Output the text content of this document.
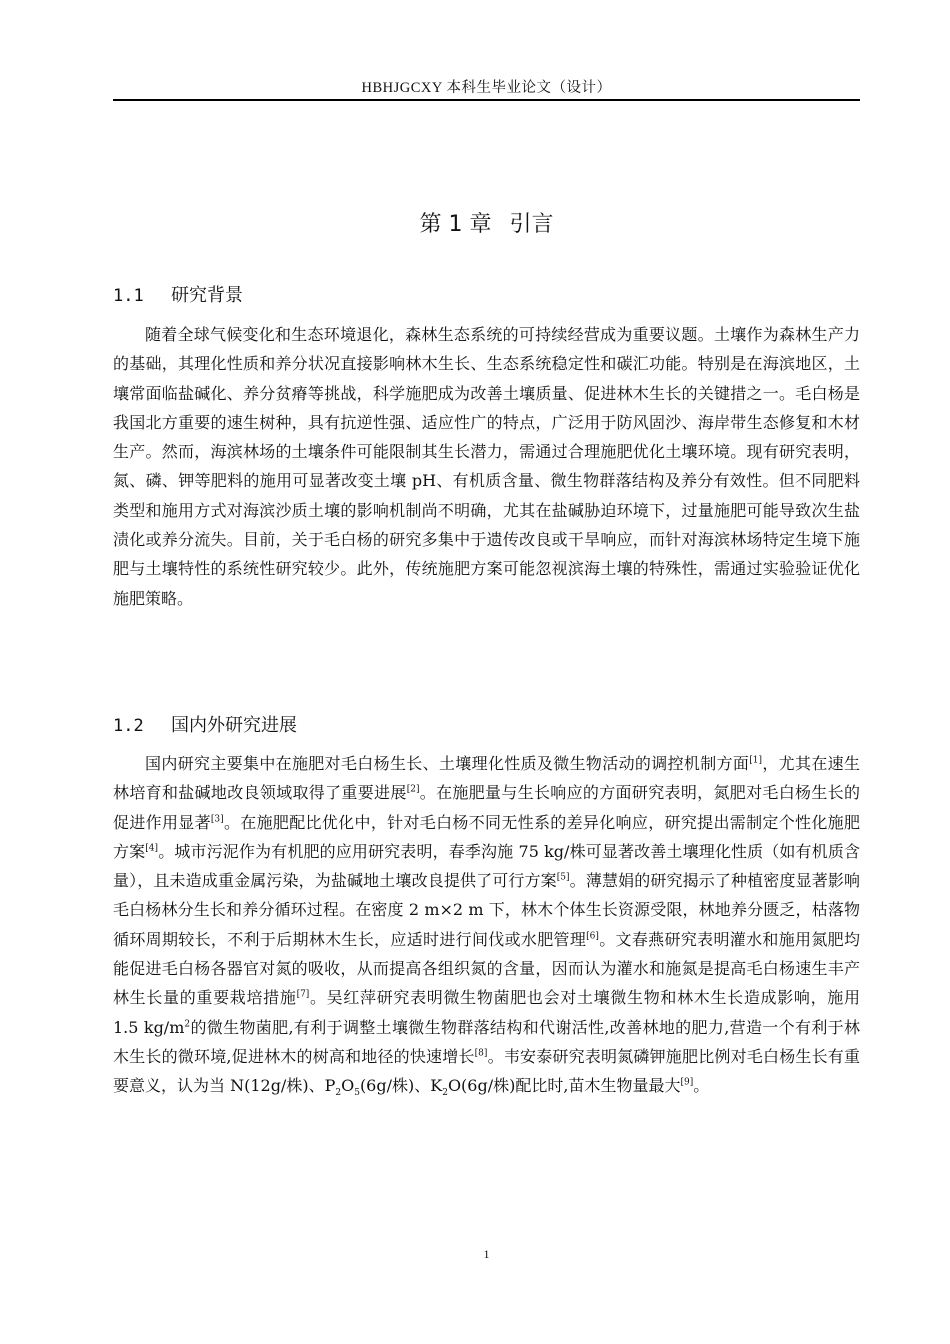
HBHJGCXY 本科生毕业论文（设计）
第 1 章 引言
1.1 研究背景

随着全球气候变化和生态环境退化，森林生态系统的可持续经营成为重要议题。土壤作为森林生产力的基础，其理化性质和养分状况直接影响林木生长、生态系统稳定性和碳汇功能。特别是在海滨地区，土壤常面临盐碱化、养分贫瘠等挑战，科学施肥成为改善土壤质量、促进林木生长的关键措之一。毛白杨是我国北方重要的速生树种，具有抗逆性强、适应性广的特点，广泛用于防风固沙、海岸带生态修复和木材生产。然而，海滨林场的土壤条件可能限制其生长潜力，需通过合理施肥优化土壤环境。现有研究表明，氮、磷、钾等肥料的施用可显著改变土壤 pH、有机质含量、微生物群落结构及养分有效性。但不同肥料类型和施用方式对海滨沙质土壤的影响机制尚不明确，尤其在盐碱胁迫环境下，过量施肥可能导致次生盐渍化或养分流失。目前，关于毛白杨的研究多集中于遗传改良或干旱响应，而针对海滨林场特定生境下施肥与土壤特性的系统性研究较少。此外，传统施肥方案可能忽视滨海土壤的特殊性，需通过实验验证优化施肥策略。

1.2 国内外研究进展

国内研究主要集中在施肥对毛白杨生长、土壤理化性质及微生物活动的调控机制方面[1]，尤其在速生林培育和盐碱地改良领域取得了重要进展[2]。在施肥量与生长响应的方面研究表明，氮肥对毛白杨生长的促进作用显著[3]。在施肥配比优化中，针对毛白杨不同无性系的差异化响应，研究提出需制定个性化施肥方案[4]。城市污泥作为有机肥的应用研究表明，春季沟施 75 kg/株可显著改善土壤理化性质（如有机质含量），且未造成重金属污染，为盐碱地土壤改良提供了可行方案[5]。薄慧娟的研究揭示了种植密度显著影响毛白杨林分生长和养分循环过程。在密度 2 m×2 m 下，林木个体生长资源受限，林地养分匮乏，枯落物循环周期较长，不利于后期林木生长，应适时进行间伐或水肥管理[6]。文春燕研究表明灌水和施用氮肥均能促进毛白杨各器官对氮的吸收，从而提高各组织氮的含量，因而认为灌水和施氮是提高毛白杨速生丰产林生长量的重要栽培措施[7]。吴红萍研究表明微生物菌肥也会对土壤微生物和林木生长造成影响，施用 1.5 $kg/m^2$的微生物菌肥,有利于调整土壤微生物群落结构和代谢活性,改善林地的肥力,营造一个有利于林木生长的微环境,促进林木的树高和地径的快速增长[8]。韦安泰研究表明氮磷钾施肥比例对毛白杨生长有重要意义，认为当 N(12g/株)、$P_2O_5(6g/$株)、$K_2O(6g/$株)配比时,苗木生物量最大[9]。

1
